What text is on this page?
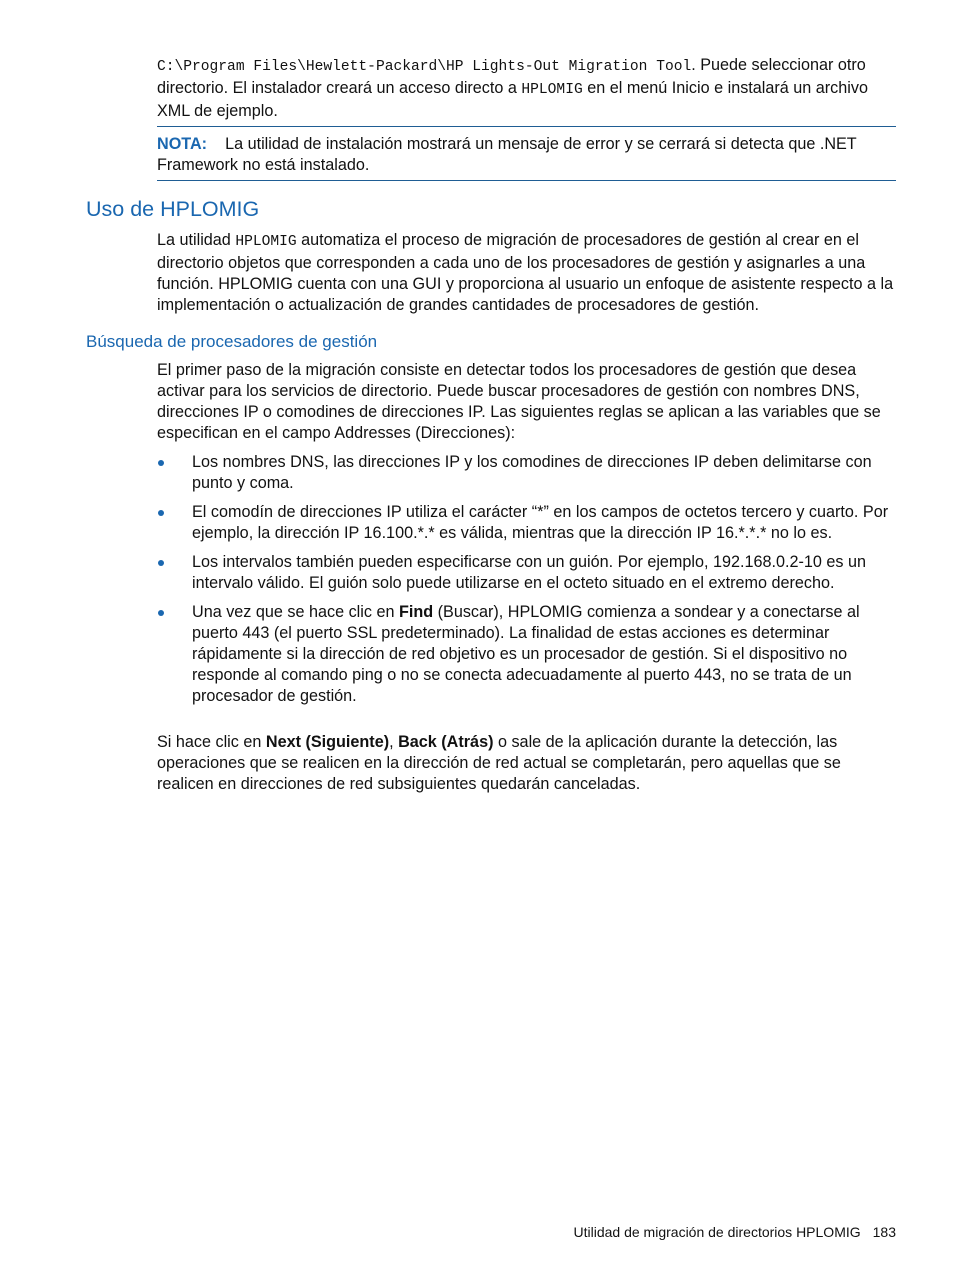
C:\Program Files\Hewlett-Packard\HP Lights-Out Migration Tool. Puede seleccionar otro directorio. El instalador creará un acceso directo a HPLOMIG en el menú Inicio e instalará un archivo XML de ejemplo.

NOTA: La utilidad de instalación mostrará un mensaje de error y se cerrará si detecta que .NET Framework no está instalado.

Uso de HPLOMIG

La utilidad HPLOMIG automatiza el proceso de migración de procesadores de gestión al crear en el directorio objetos que corresponden a cada uno de los procesadores de gestión y asignarles a una función. HPLOMIG cuenta con una GUI y proporciona al usuario un enfoque de asistente respecto a la implementación o actualización de grandes cantidades de procesadores de gestión.

Búsqueda de procesadores de gestión

El primer paso de la migración consiste en detectar todos los procesadores de gestión que desea activar para los servicios de directorio. Puede buscar procesadores de gestión con nombres DNS, direcciones IP o comodines de direcciones IP. Las siguientes reglas se aplican a las variables que se especifican en el campo Addresses (Direcciones):

Los nombres DNS, las direcciones IP y los comodines de direcciones IP deben delimitarse con punto y coma.
El comodín de direcciones IP utiliza el carácter “*” en los campos de octetos tercero y cuarto. Por ejemplo, la dirección IP 16.100.*.* es válida, mientras que la dirección IP 16.*.*.* no lo es.
Los intervalos también pueden especificarse con un guión. Por ejemplo, 192.168.0.2-10 es un intervalo válido. El guión solo puede utilizarse en el octeto situado en el extremo derecho.
Una vez que se hace clic en Find (Buscar), HPLOMIG comienza a sondear y a conectarse al puerto 443 (el puerto SSL predeterminado). La finalidad de estas acciones es determinar rápidamente si la dirección de red objetivo es un procesador de gestión. Si el dispositivo no responde al comando ping o no se conecta adecuadamente al puerto 443, no se trata de un procesador de gestión.

Si hace clic en Next (Siguiente), Back (Atrás) o sale de la aplicación durante la detección, las operaciones que se realicen en la dirección de red actual se completarán, pero aquellas que se realicen en direcciones de red subsiguientes quedarán canceladas.

Utilidad de migración de directorios HPLOMIG 183
